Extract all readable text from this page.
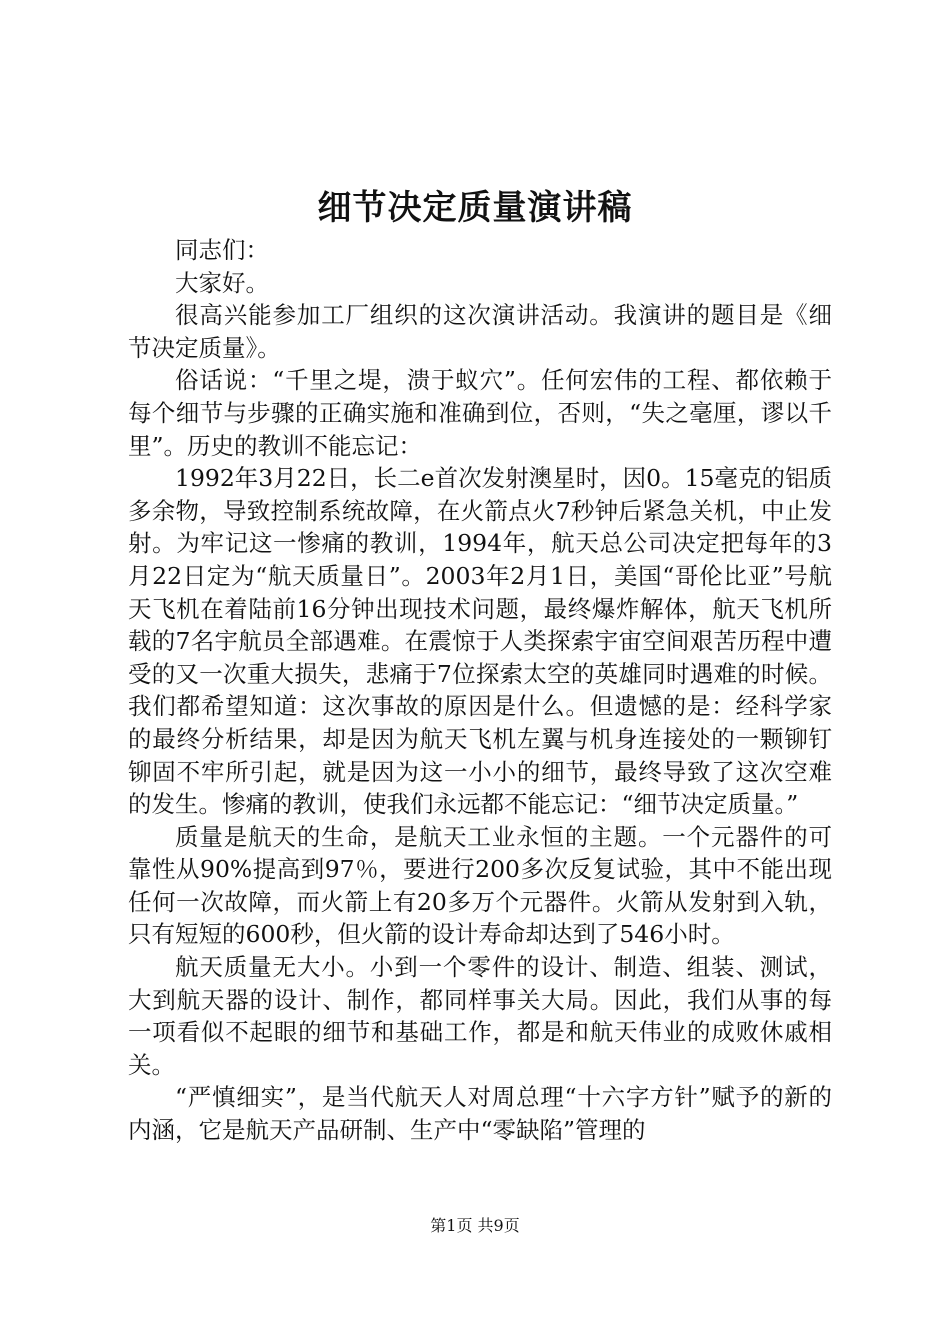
细节决定质量演讲稿

同志们：

大家好。

很高兴能参加工厂组织的这次演讲活动。我演讲的题目是《细节决定质量》。

俗话说：“千里之堤，溃于蚁穴”。任何宏伟的工程、都依赖于每个细节与步骤的正确实施和准确到位，否则，“失之毫厘，谬以千里”。历史的教训不能忘记：

1992年3月22日，长二e首次发射澳星时，因0。15毫克的铝质多余物，导致控制系统故障，在火箭点火7秒钟后紧急关机，中止发射。为牢记这一惨痛的教训，1994年，航天总公司决定把每年的3月22日定为“航天质量日”。2003年2月1日，美国“哥伦比亚”号航天飞机在着陆前16分钟出现技术问题，最终爆炸解体，航天飞机所载的7名宇航员全部遇难。在震惊于人类探索宇宙空间艰苦历程中遭受的又一次重大损失，悲痛于7位探索太空的英雄同时遇难的时候。我们都希望知道：这次事故的原因是什么。但遗憾的是：经科学家的最终分析结果，却是因为航天飞机左翼与机身连接处的一颗铆钉铆固不牢所引起，就是因为这一小小的细节，最终导致了这次空难的发生。惨痛的教训，使我们永远都不能忘记：“细节决定质量。”

质量是航天的生命，是航天工业永恒的主题。一个元器件的可靠性从90%提高到97％，要进行200多次反复试验，其中不能出现任何一次故障，而火箭上有20多万个元器件。火箭从发射到入轨，只有短短的600秒，但火箭的设计寿命却达到了546小时。

航天质量无大小。小到一个零件的设计、制造、组装、测试，大到航天器的设计、制作，都同样事关大局。因此，我们从事的每一项看似不起眼的细节和基础工作，都是和航天伟业的成败休戚相关。

“严慎细实”，是当代航天人对周总理“十六字方针”赋予的新的内涵，它是航天产品研制、生产中“零缺陷”管理的

第1页 共9页
